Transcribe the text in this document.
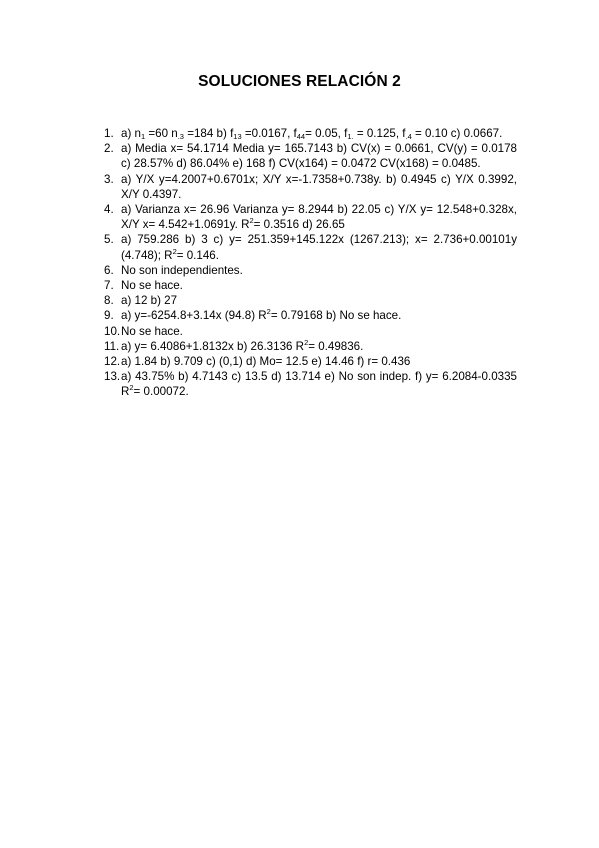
SOLUCIONES RELACIÓN 2
1. a) $n_1 =60$ $n_{.3} =184$ b) $f_{13} =0.0167$, $f_{44}= 0.05$, $f_{1.} = 0.125$, $f_{.4} = 0.10$ c) 0.0667.
2. a) Media x= 54.1714 Media y= 165.7143 b) CV(x) = 0.0661, CV(y) = 0.0178 c) 28.57% d) 86.04% e) 168 f) CV(x164) = 0.0472 CV(x168) = 0.0485.
3. a) Y/X y=4.2007+0.6701x; X/Y x=-1.7358+0.738y. b) 0.4945 c) Y/X 0.3992, X/Y 0.4397.
4. a) Varianza x= 26.96 Varianza y= 8.2944 b) 22.05 c) Y/X y= 12.548+0.328x, X/Y x= 4.542+1.0691y. $R^2= 0.3516$ d) 26.65
5. a) 759.286 b) 3 c) y= 251.359+145.122x (1267.213); x= 2.736+0.00101y (4.748); $R^2= 0.146$.
6. No son independientes.
7. No se hace.
8. a) 12 b) 27
9. a) y=-6254.8+3.14x (94.8) $R^2= 0.79168$ b) No se hace.
10. No se hace.
11. a) y= 6.4086+1.8132x b) 26.3136 $R^2= 0.49836$.
12. a) 1.84 b) 9.709 c) (0,1) d) Mo= 12.5 e) 14.46 f) r= 0.436
13. a) 43.75% b) 4.7143 c) 13.5 d) 13.714 e) No son indep. f) y= 6.2084-0.0335 $R^2= 0.00072$.
